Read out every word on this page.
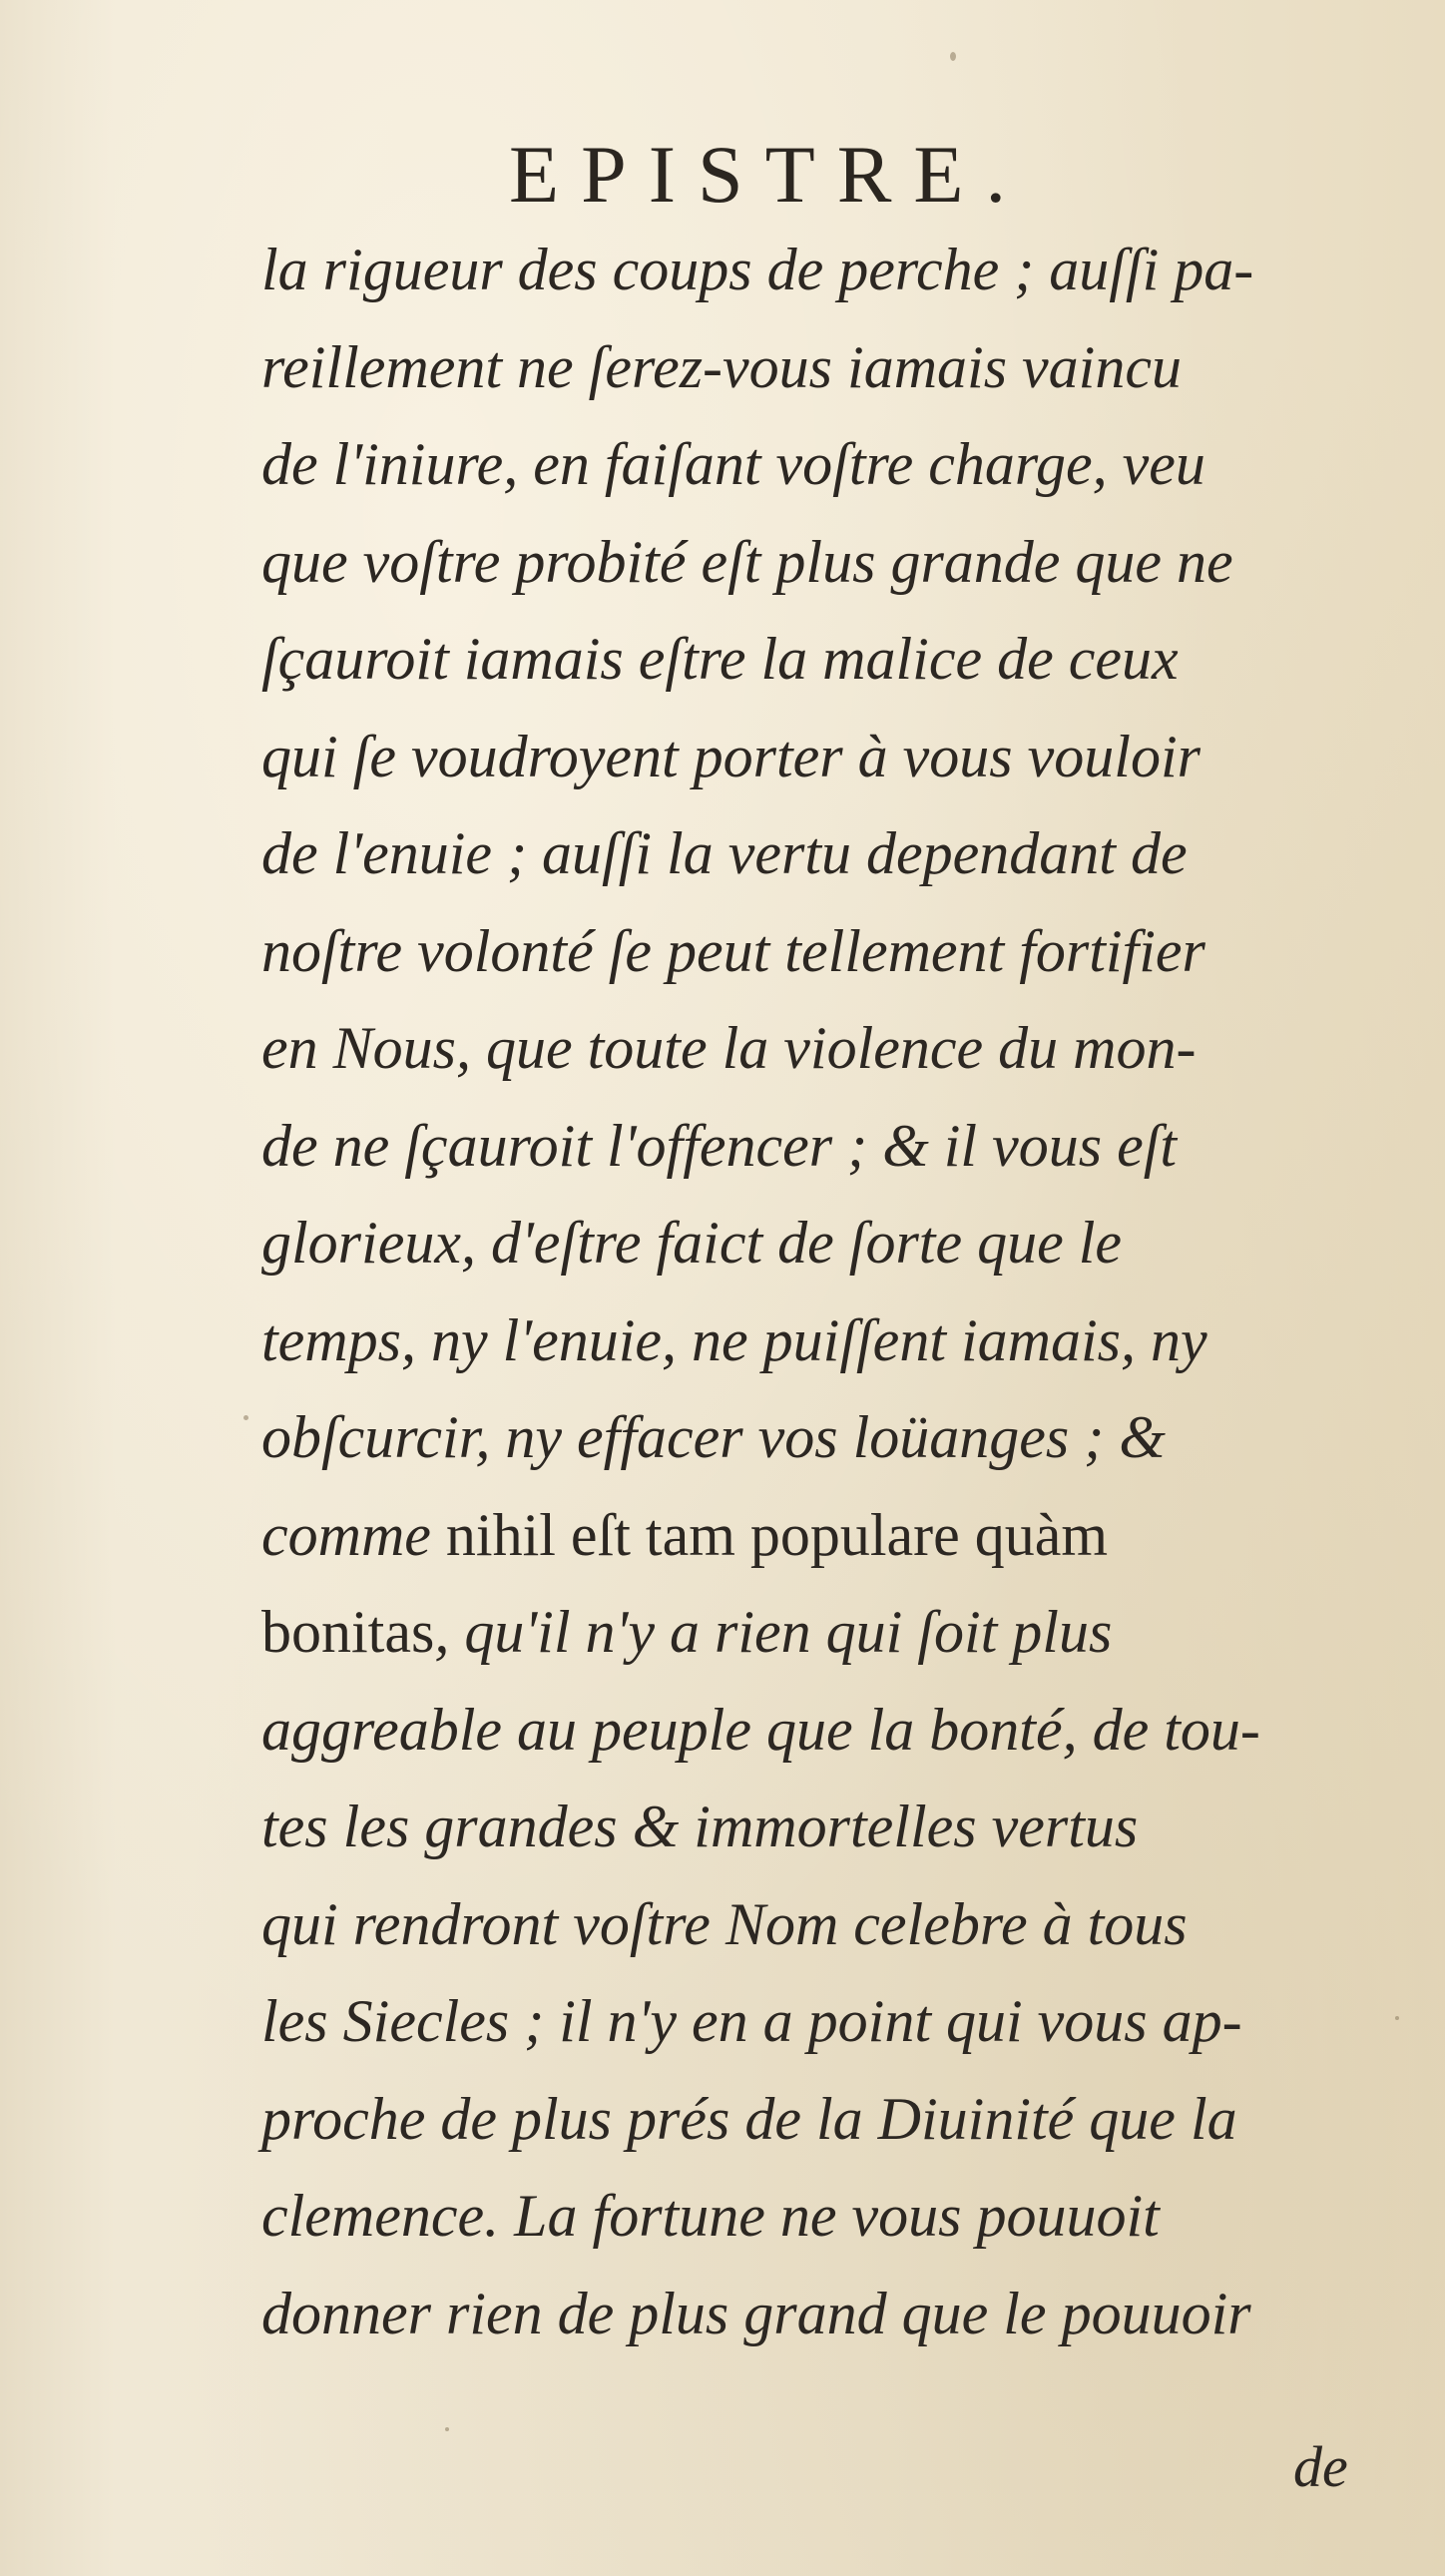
EPISTRE.
la rigueur des coups de perche ; auſſi pa-
reillement ne ſerez-vous iamais vaincu
de l'iniure, en faiſant voſtre charge, veu
que voſtre probité eſt plus grande que ne
ſçauroit iamais eſtre la malice de ceux
qui ſe voudroyent porter à vous vouloir
de l'enuie ; auſſi la vertu dependant de
noſtre volonté ſe peut tellement fortifier
en Nous, que toute la violence du mon-
de ne ſçauroit l'offencer ; & il vous eſt
glorieux, d'eſtre faict de ſorte que le
temps, ny l'enuie, ne puiſſent iamais, ny
obſcurcir, ny effacer vos loüanges ; &
comme nihil eſt tam populare quàm
bonitas, qu'il n'y a rien qui ſoit plus
aggreable au peuple que la bonté, de tou-
tes les grandes & immortelles vertus
qui rendront voſtre Nom celebre à tous
les Siecles ; il n'y en a point qui vous ap-
proche de plus prés de la Diuinité que la
clemence. La fortune ne vous pouuoit
donner rien de plus grand que le pouuoir
de
